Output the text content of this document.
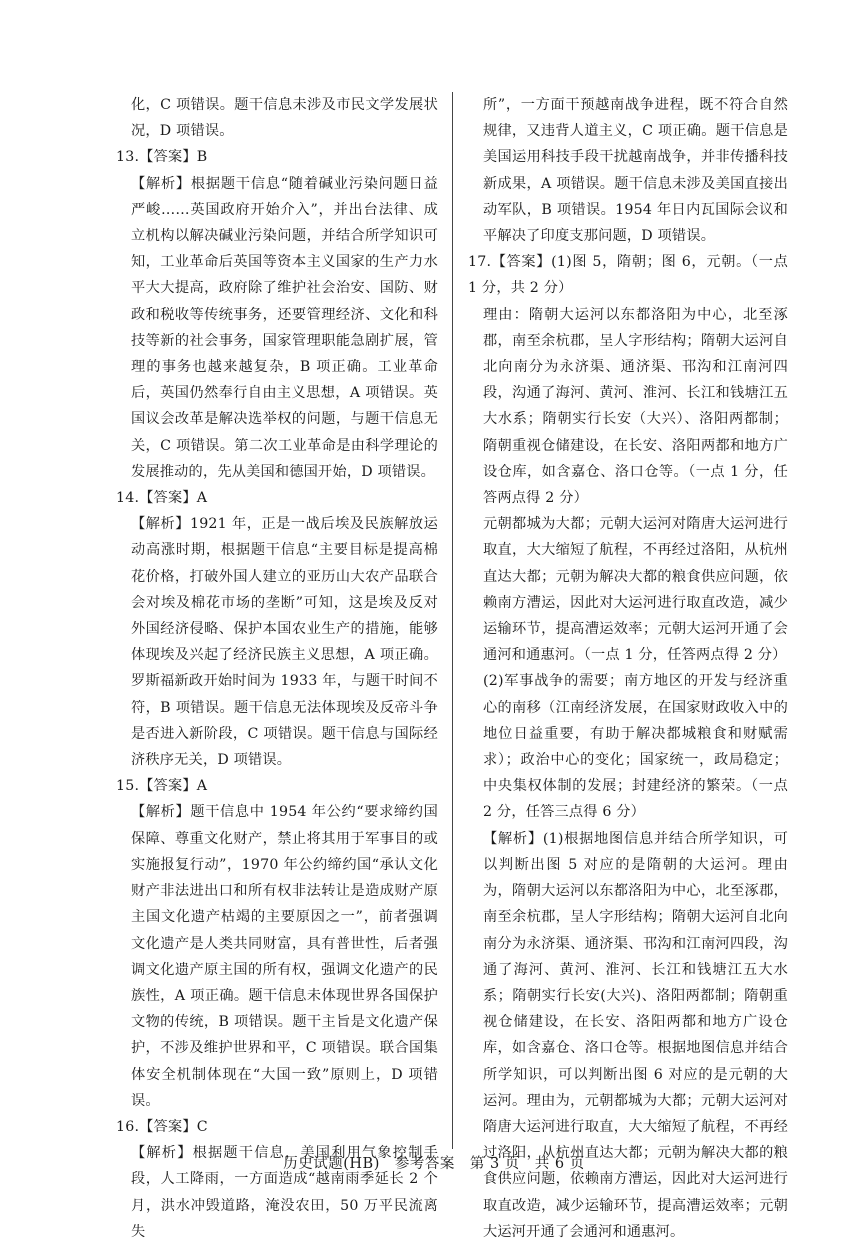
化，C 项错误。题干信息未涉及市民文学发展状况，D 项错误。

13.【答案】B

【解析】根据题干信息“随着碱业污染问题日益严峻……英国政府开始介入”，并出台法律、成立机构以解决碱业污染问题，并结合所学知识可知，工业革命后英国等资本主义国家的生产力水平大大提高，政府除了维护社会治安、国防、财政和税收等传统事务，还要管理经济、文化和科技等新的社会事务，国家管理职能急剧扩展，管理的事务也越来越复杂，B 项正确。工业革命后，英国仍然奉行自由主义思想，A 项错误。英国议会改革是解决选举权的问题，与题干信息无关，C 项错误。第二次工业革命是由科学理论的发展推动的，先从美国和德国开始，D 项错误。

14.【答案】A

【解析】1921 年，正是一战后埃及民族解放运动高涨时期，根据题干信息“主要目标是提高棉花价格，打破外国人建立的亚历山大农产品联合会对埃及棉花市场的垄断”可知，这是埃及反对外国经济侵略、保护本国农业生产的措施，能够体现埃及兴起了经济民族主义思想，A 项正确。罗斯福新政开始时间为 1933 年，与题干时间不符，B 项错误。题干信息无法体现埃及反帝斗争是否进入新阶段，C 项错误。题干信息与国际经济秩序无关，D 项错误。

15.【答案】A

【解析】题干信息中 1954 年公约“要求缔约国保障、尊重文化财产，禁止将其用于军事目的或实施报复行动”，1970 年公约缔约国“承认文化财产非法进出口和所有权非法转让是造成财产原主国文化遗产枯竭的主要原因之一”，前者强调文化遗产是人类共同财富，具有普世性，后者强调文化遗产原主国的所有权，强调文化遗产的民族性，A 项正确。题干信息未体现世界各国保护文物的传统，B 项错误。题干主旨是文化遗产保护，不涉及维护世界和平，C 项错误。联合国集体安全机制体现在“大国一致”原则上，D 项错误。

16.【答案】C

【解析】根据题干信息，美国利用气象控制手段，人工降雨，一方面造成“越南雨季延长 2 个月，洪水冲毁道路，淹没农田，50 万平民流离失

所”，一方面干预越南战争进程，既不符合自然规律，又违背人道主义，C 项正确。题干信息是美国运用科技手段干扰越南战争，并非传播科技新成果，A 项错误。题干信息未涉及美国直接出动军队，B 项错误。1954 年日内瓦国际会议和平解决了印度支那问题，D 项错误。

17.【答案】(1)图 5，隋朝；图 6，元朝。（一点 1 分，共 2 分）

理由：隋朝大运河以东都洛阳为中心，北至涿郡，南至余杭郡，呈人字形结构；隋朝大运河自北向南分为永济渠、通济渠、邗沟和江南河四段，沟通了海河、黄河、淮河、长江和钱塘江五大水系；隋朝实行长安（大兴）、洛阳两都制；隋朝重视仓储建设，在长安、洛阳两都和地方广设仓库，如含嘉仓、洛口仓等。（一点 1 分，任答两点得 2 分）

元朝都城为大都；元朝大运河对隋唐大运河进行取直，大大缩短了航程，不再经过洛阳，从杭州直达大都；元朝为解决大都的粮食供应问题，依赖南方漕运，因此对大运河进行取直改造，减少运输环节，提高漕运效率；元朝大运河开通了会通河和通惠河。（一点 1 分，任答两点得 2 分）

(2)军事战争的需要；南方地区的开发与经济重心的南移（江南经济发展，在国家财政收入中的地位日益重要，有助于解决都城粮食和财赋需求）；政治中心的变化；国家统一，政局稳定；中央集权体制的发展；封建经济的繁荣。（一点 2 分，任答三点得 6 分）

【解析】(1)根据地图信息并结合所学知识，可以判断出图 5 对应的是隋朝的大运河。理由为，隋朝大运河以东都洛阳为中心，北至涿郡，南至余杭郡，呈人字形结构；隋朝大运河自北向南分为永济渠、通济渠、邗沟和江南河四段，沟通了海河、黄河、淮河、长江和钱塘江五大水系；隋朝实行长安(大兴)、洛阳两都制；隋朝重视仓储建设，在长安、洛阳两都和地方广设仓库，如含嘉仓、洛口仓等。根据地图信息并结合所学知识，可以判断出图 6 对应的是元朝的大运河。理由为，元朝都城为大都；元朝大运河对隋唐大运河进行取直，大大缩短了航程，不再经过洛阳，从杭州直达大都；元朝为解决大都的粮食供应问题，依赖南方漕运，因此对大运河进行取直改造，减少运输环节，提高漕运效率；元朝大运河开通了会通河和通惠河。

历史试题(HB)　参考答案　第 3 页　共 6 页
